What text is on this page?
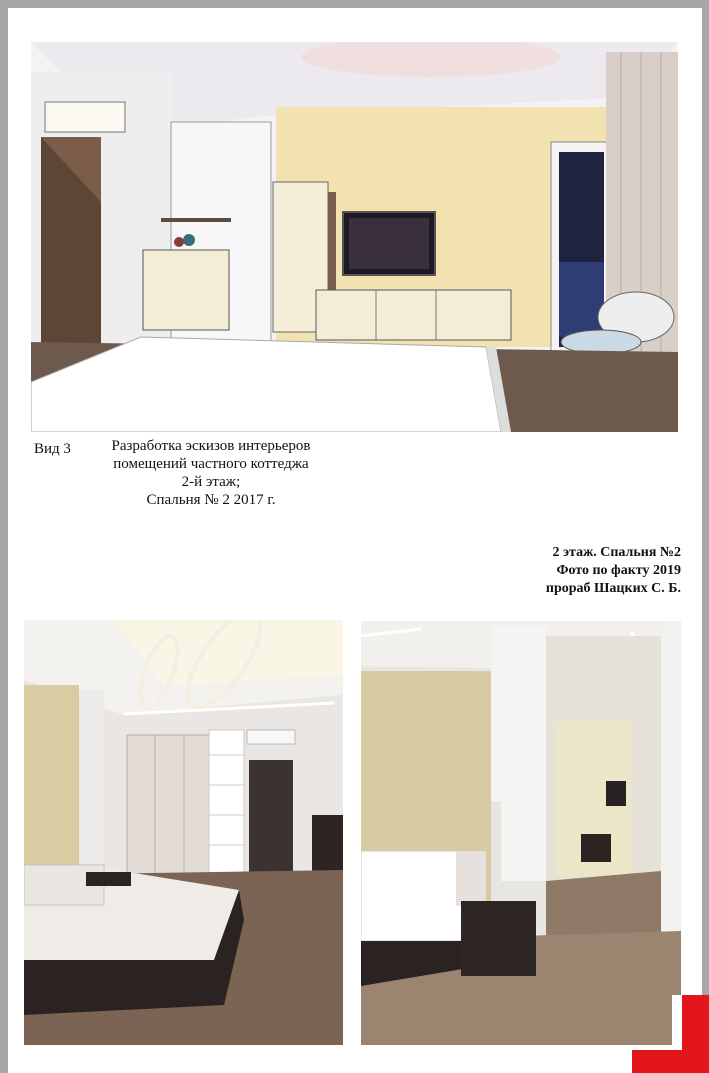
Вид 3	Разработка эскизов интерьеров
помещений частного коттеджа
2-й этаж;
Спальня № 2 2017 г.
2 этаж. Спальня №2
Фото по факту 2019
прораб Шацких С. Б.
